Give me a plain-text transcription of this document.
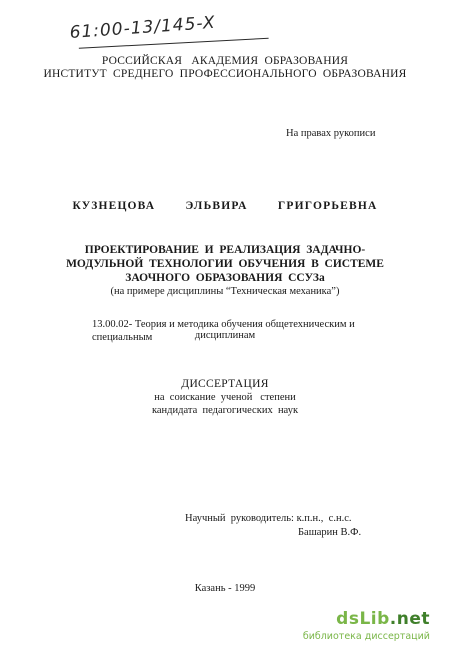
61:00-13/145-X
РОССИЙСКАЯ   АКАДЕМИЯ  ОБРАЗОВАНИЯ
ИНСТИТУТ  СРЕДНЕГО  ПРОФЕССИОНАЛЬНОГО  ОБРАЗОВАНИЯ
На правах рукописи
КУЗНЕЦОВА   ЭЛЬВИРА   ГРИГОРЬЕВНА
ПРОЕКТИРОВАНИЕ  И  РЕАЛИЗАЦИЯ  ЗАДАЧНО-
МОДУЛЬНОЙ  ТЕХНОЛОГИИ  ОБУЧЕНИЯ  В  СИСТЕМЕ
ЗАОЧНОГО  ОБРАЗОВАНИЯ  ССУЗа
(на примере дисциплины “Техническая механика”)
13.00.02- Теория и методика обучения общетехническим и специальным	дисциплинам
ДИССЕРТАЦИЯ
на  соискание  ученой   степени
кандидата  педагогических  наук
Научный  руководитель: к.п.н.,  с.н.с.
Башарин В.Ф.
Казань - 1999
dsLib.net
библиотека диссертаций
